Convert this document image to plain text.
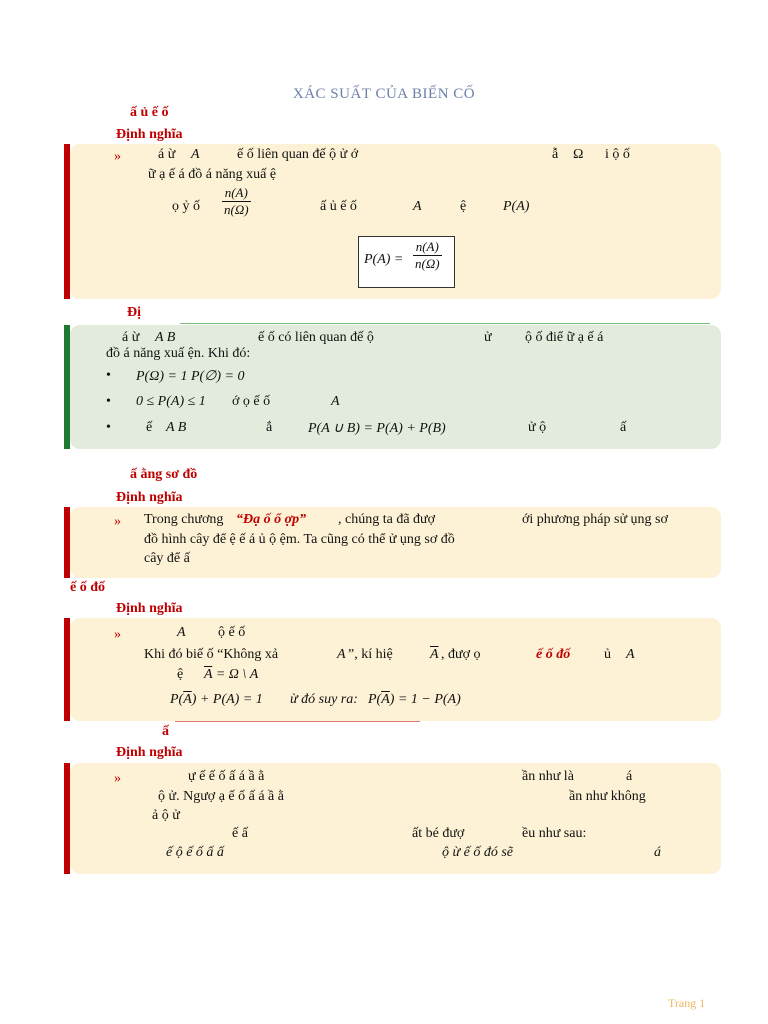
XÁC SUẤT CỦA BIẾN CỐ
ấ ủ ế ố
Định nghĩa
»	á ừ A	ế ố liên quan đế ộ ử ớ	ẫ Ω i ộ ố
ữ ạ ế á đồ á năng xuấ ệ
ọ ỷ ố $\frac{n(A)}{n(\Omega)}$	ấ ủ ế ố	A	ệ	P(A)
$P(A) = \frac{n(A)}{n(\Omega)}$
Đị
á ừ A B	ế ố có liên quan đế ộ	ử ộ ố điể ữ ạ ế á
đồ á năng xuấ ện. Khi đó:
• P(Ω) = 1 P(∅) = 0
• 0 ≤ P(A) ≤ 1 ớ ọ ế ố	A
•	ế A B	ắ	P(A ∪ B) = P(A) + P(B)	ử ộ	ấ
ấ ằng sơ đồ
Định nghĩa
» Trong chương “Đạ ố ổ ợp” , chúng ta đã đượ	ới phương pháp sử ụng sơ
đồ hình cây để ệ ế á ủ ộ ệm. Ta cũng có thể ử ụng sơ đồ
cây để ấ
ế ố đố
Định nghĩa
»	A ộ ế ố
Khi đó biế ố “Không xả	A ”, kí hiệ	$\overline{A}$ , đượ ọ	ế ố đố ủ A
ệ $\overline{A} = \Omega$ \ A
$P(\overline{A}) + P(A) = 1$ ừ đó suy ra: $P(\overline{A}) = 1 - P(A)$
ấ
Định nghĩa
»	ự ế ế ố ấ á ầ ằ	ần như là	á
ộ ử. Ngượ ạ ế ố ấ á ầ ằ	ần như không
ả ộ ử
ế ấ	ất bé đượ	ều như sau:
ế ộ ế ố ấ ấ	ộ ừ ế ố đó sẽ	á
Trang 1
